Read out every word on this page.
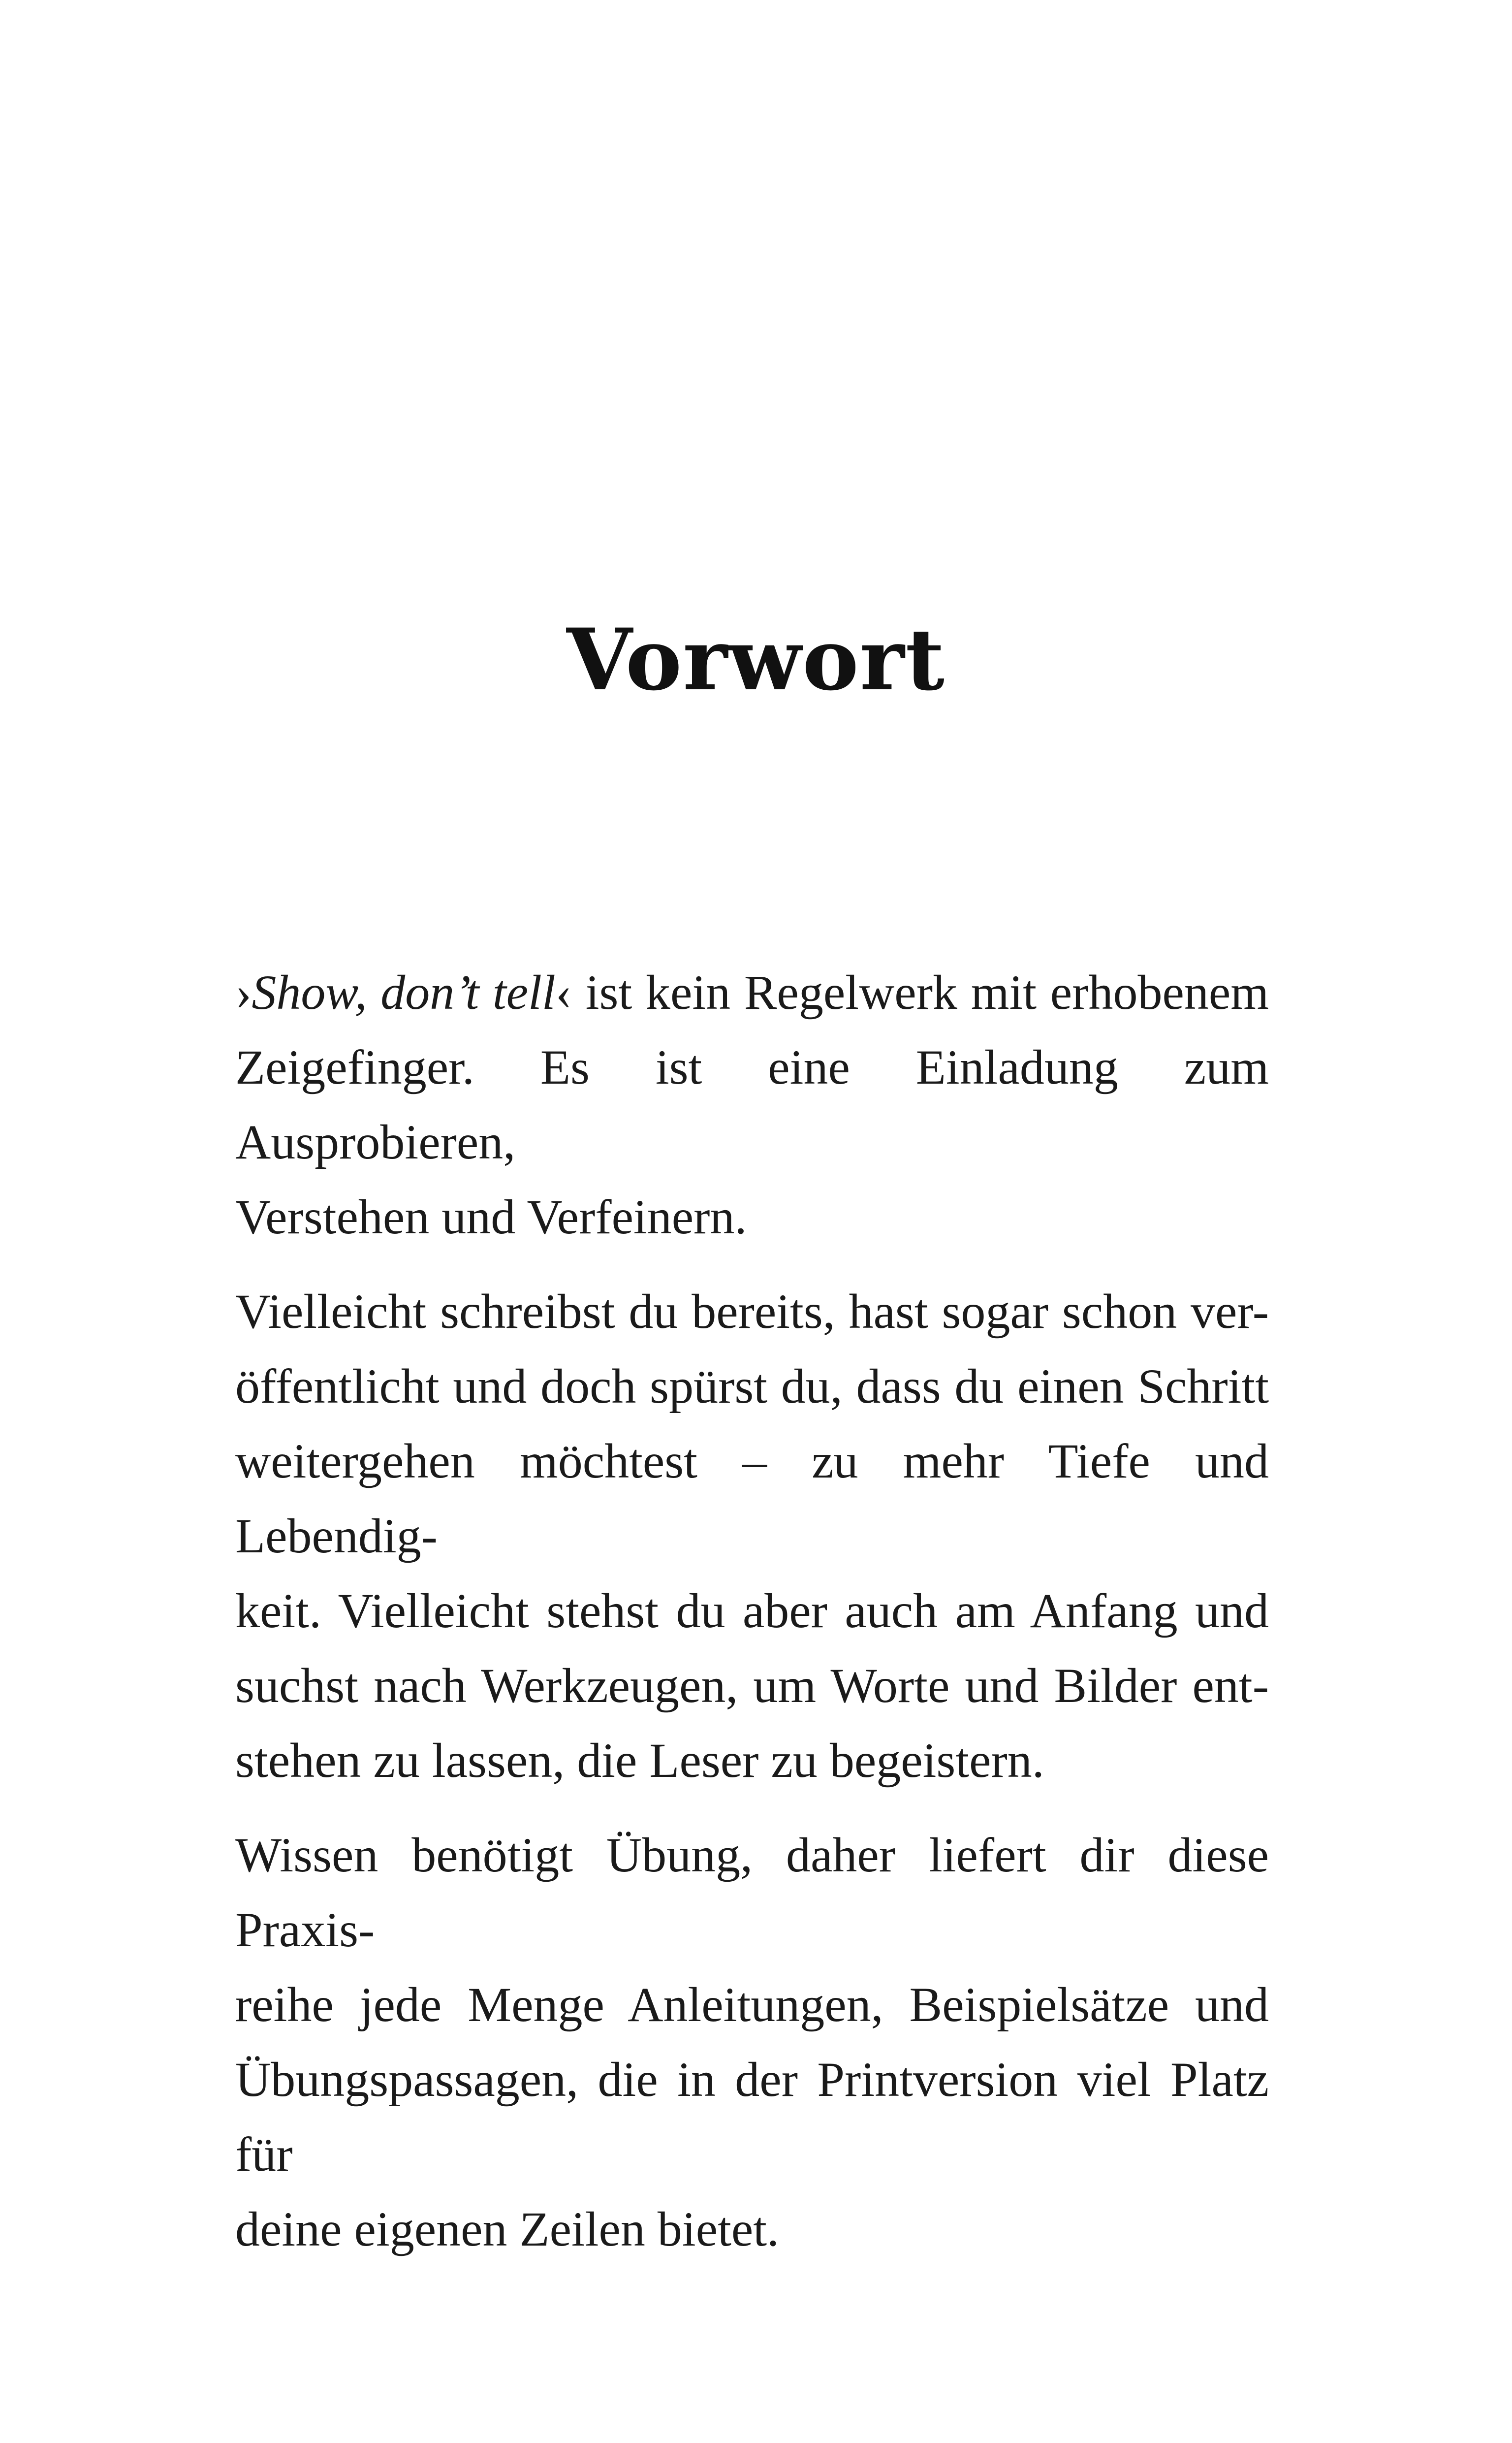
Vorwort

›Show, don’t tell‹ ist kein Regelwerk mit erhobenem
Zeigefinger. Es ist eine Einladung zum Ausprobieren,
Verstehen und Verfeinern.

Vielleicht schreibst du bereits, hast sogar schon ver-
öffentlicht und doch spürst du, dass du einen Schritt
weitergehen möchtest – zu mehr Tiefe und Lebendig-
keit. Vielleicht stehst du aber auch am Anfang und
suchst nach Werkzeugen, um Worte und Bilder ent-
stehen zu lassen, die Leser zu begeistern.

Wissen benötigt Übung, daher liefert dir diese Praxis-
reihe jede Menge Anleitungen, Beispielsätze und
Übungspassagen, die in der Printversion viel Platz für
deine eigenen Zeilen bietet.
